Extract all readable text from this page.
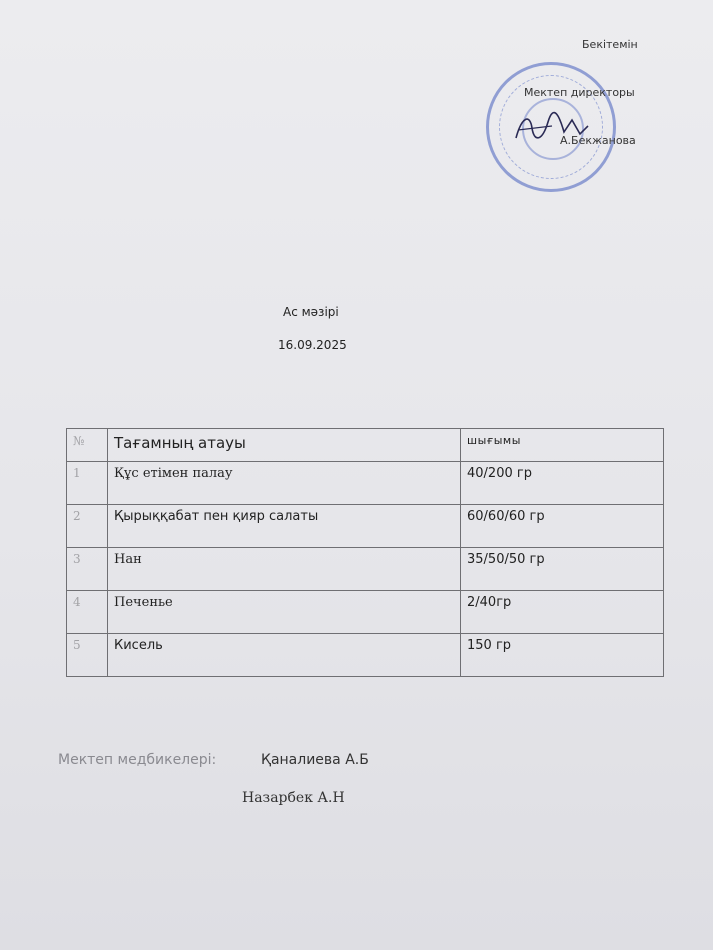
Бекітемін
Мектеп директоры
А.Бекжанова
Ас мәзірі
16.09.2025
№	Тағамның атауы	шығымы
1	Құс етімен палау	40/200 гр
2	Қырыққабат пен қияр салаты	60/60/60 гр
3	Нан	35/50/50 гр
4	Печенье	2/40гр
5	Кисель	150 гр
Мектеп медбикелері:	Қаналиева А.Б
Назарбек А.Н
